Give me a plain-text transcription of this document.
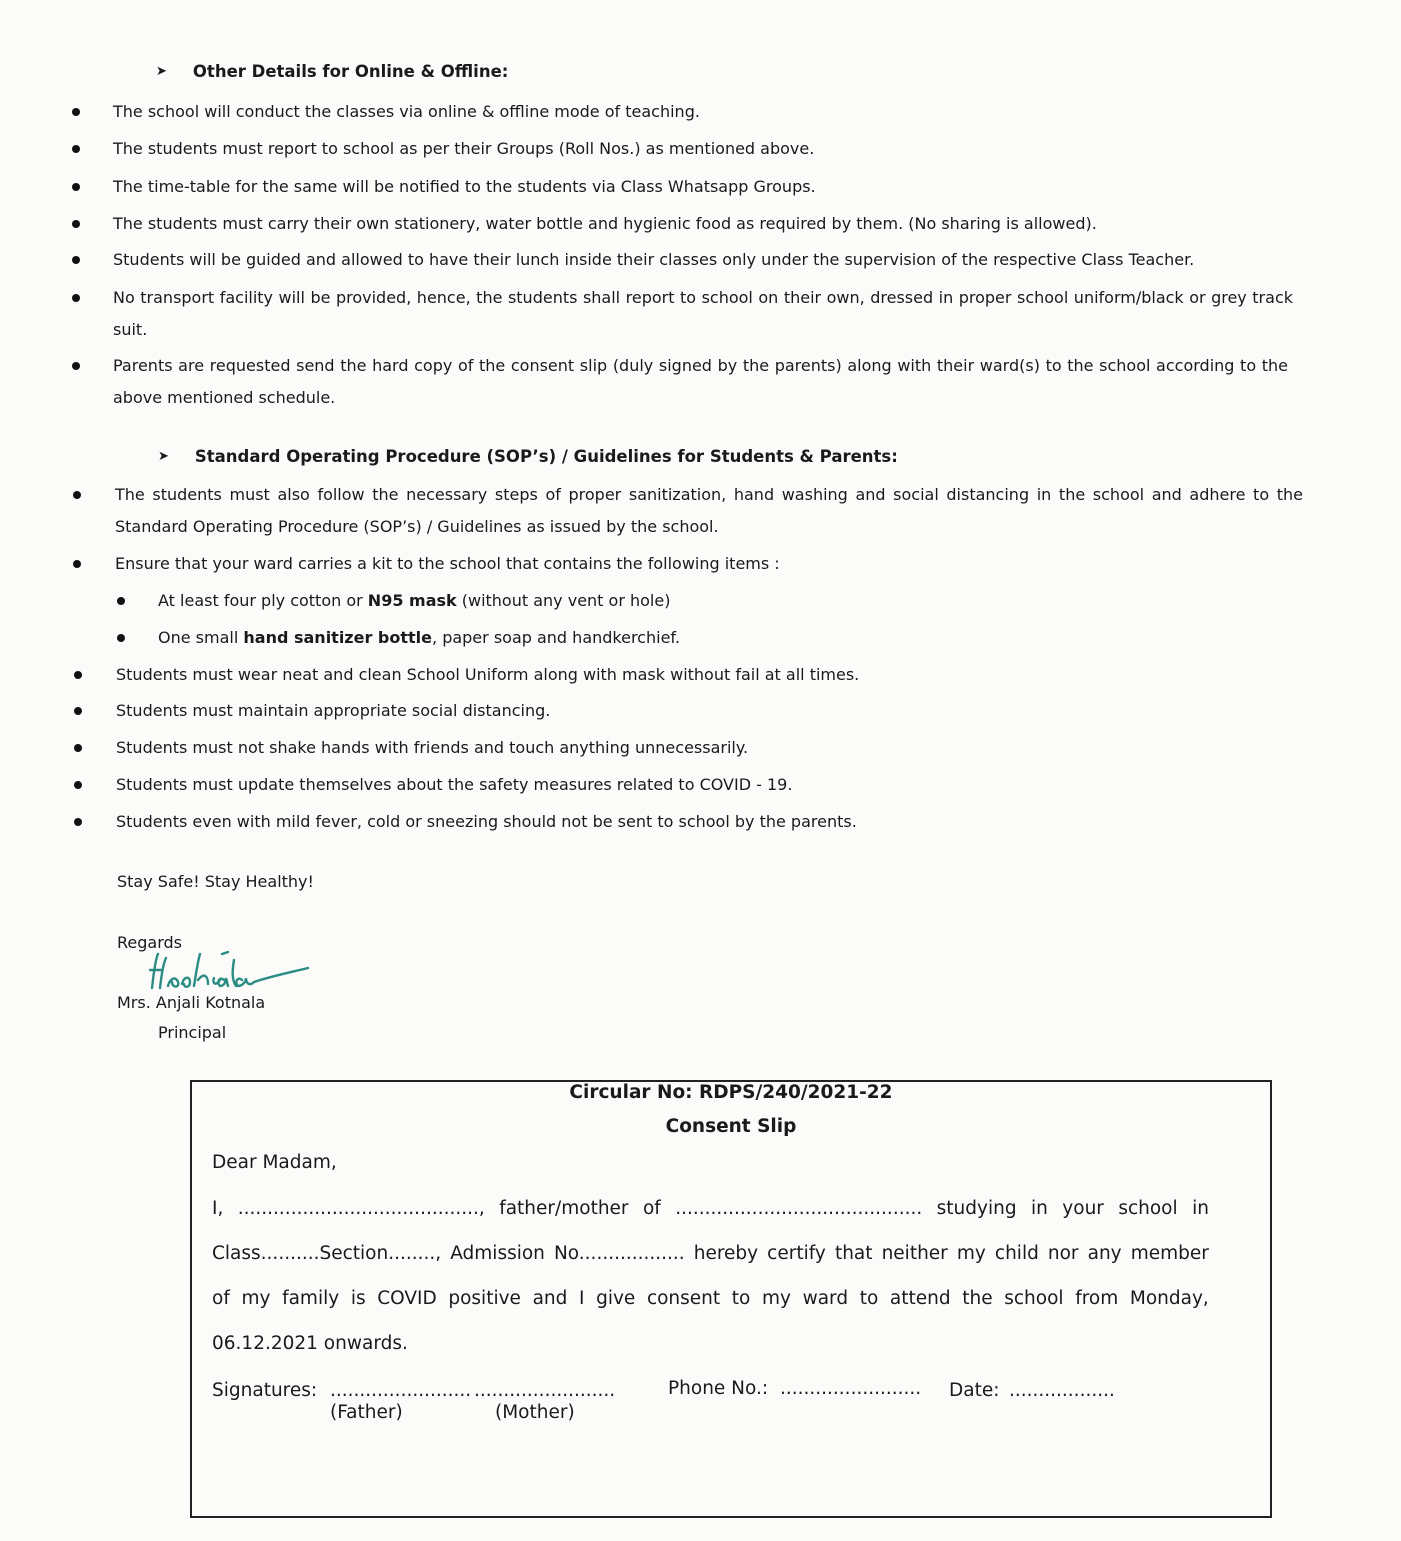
➤ Other Details for Online & Offline:
The school will conduct the classes via online & offline mode of teaching.
The students must report to school as per their Groups (Roll Nos.) as mentioned above.
The time-table for the same will be notified to the students via Class Whatsapp Groups.
The students must carry their own stationery, water bottle and hygienic food as required by them. (No sharing is allowed).
Students will be guided and allowed to have their lunch inside their classes only under the supervision of the respective Class Teacher.
No transport facility will be provided, hence, the students shall report to school on their own, dressed in proper school uniform/black or grey track suit.
Parents are requested send the hard copy of the consent slip (duly signed by the parents) along with their ward(s) to the school according to the above mentioned schedule.
➤ Standard Operating Procedure (SOP’s) / Guidelines for Students & Parents:
The students must also follow the necessary steps of proper sanitization, hand washing and social distancing in the school and adhere to the Standard Operating Procedure (SOP’s) / Guidelines as issued by the school.
Ensure that your ward carries a kit to the school that contains the following items :
At least four ply cotton or N95 mask (without any vent or hole)
One small hand sanitizer bottle, paper soap and handkerchief.
Students must wear neat and clean School Uniform along with mask without fail at all times.
Students must maintain appropriate social distancing.
Students must not shake hands with friends and touch anything unnecessarily.
Students must update themselves about the safety measures related to COVID - 19.
Students even with mild fever, cold or sneezing should not be sent to school by the parents.
Stay Safe! Stay Healthy!
Regards
Mrs. Anjali Kotnala
Principal
Circular No: RDPS/240/2021-22
Consent Slip
Dear Madam,
I, ........................................., father/mother of .......................................... studying in your school in
Class..........Section........, Admission No.................. hereby certify that neither my child nor any member
of my family is COVID positive and I give consent to my ward to attend the school from Monday,
06.12.2021 onwards.
Signatures: ........................ ........................
(Father)	(Mother)
Phone No.: ........................ Date: ..................
